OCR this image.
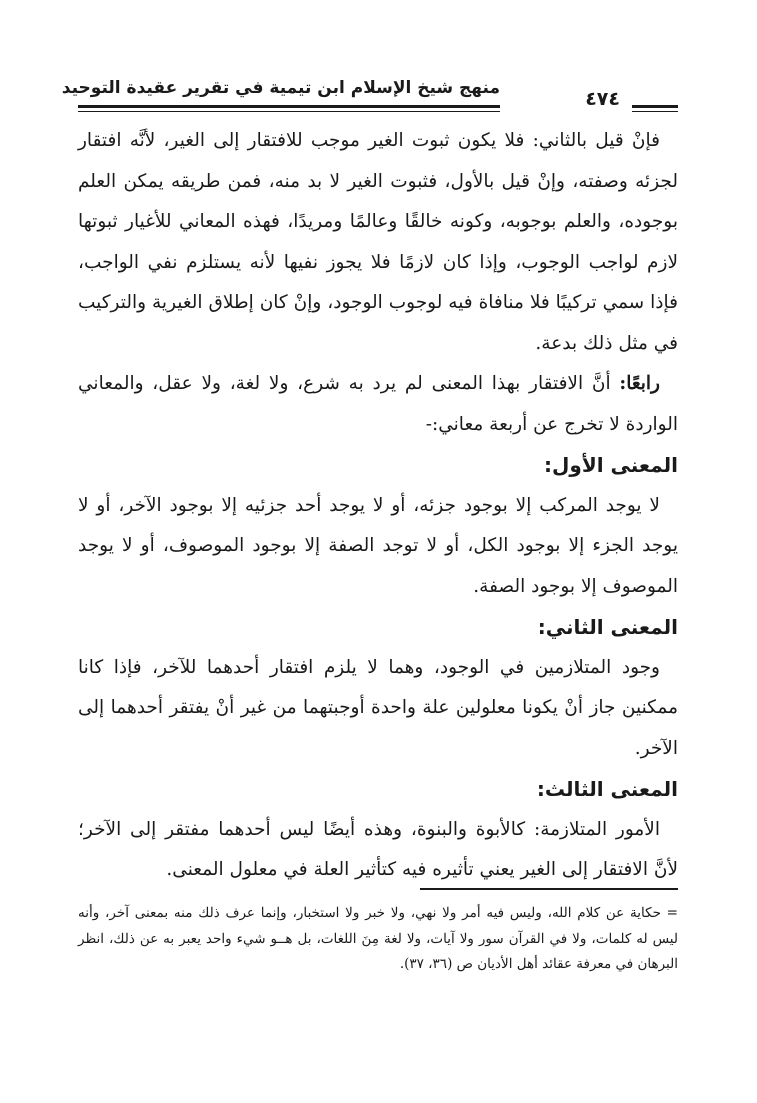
منهج شيخ الإسلام ابن تيمية في تقرير عقيدة التوحيد	٤٧٤

فإنْ قيل بالثاني: فلا يكون ثبوت الغير موجب للافتقار إلى الغير، لأنَّه افتقار لجزئه وصفته، وإنْ قيل بالأول، فثبوت الغير لا بد منه، فمن طريقه يمكن العلم بوجوده، والعلم بوجوبه، وكونه خالقًا وعالمًا ومريدًا، فهذه المعاني للأغيار ثبوتها لازم لواجب الوجوب، وإذا كان لازمًا فلا يجوز نفيها لأنه يستلزم نفي الواجب، فإذا سمي تركيبًا فلا منافاة فيه لوجوب الوجود، وإنْ كان إطلاق الغيرية والتركيب في مثل ذلك بدعة.

رابعًا: أنَّ الافتقار بهذا المعنى لم يرد به شرع، ولا لغة، ولا عقل، والمعاني الواردة لا تخرج عن أربعة معاني:-

المعنى الأول:

لا يوجد المركب إلا بوجود جزئه، أو لا يوجد أحد جزئيه إلا بوجود الآخر، أو لا يوجد الجزء إلا بوجود الكل، أو لا توجد الصفة إلا بوجود الموصوف، أو لا يوجد الموصوف إلا بوجود الصفة.

المعنى الثاني:

وجود المتلازمين في الوجود، وهما لا يلزم افتقار أحدهما للآخر، فإذا كانا ممكنين جاز أنْ يكونا معلولين علة واحدة أوجبتهما من غير أنْ يفتقر أحدهما إلى الآخر.

المعنى الثالث:

الأمور المتلازمة: كالأبوة والبنوة، وهذه أيضًا ليس أحدهما مفتقر إلى الآخر؛ لأنَّ الافتقار إلى الغير يعني تأثيره فيه كتأثير العلة في معلول المعنى.

= حكاية عن كلام الله، وليس فيه أمر ولا نهي، ولا خبر ولا استخبار، وإنما عرف ذلك منه بمعنى آخر، وأنه ليس له كلمات، ولا في القرآن سور ولا آيات، ولا لغة مِنَ اللغات، بل هــو شيء واحد يعبر به عن ذلك، انظر البرهان في معرفة عقائد أهل الأديان ص (٣٦، ٣٧).
